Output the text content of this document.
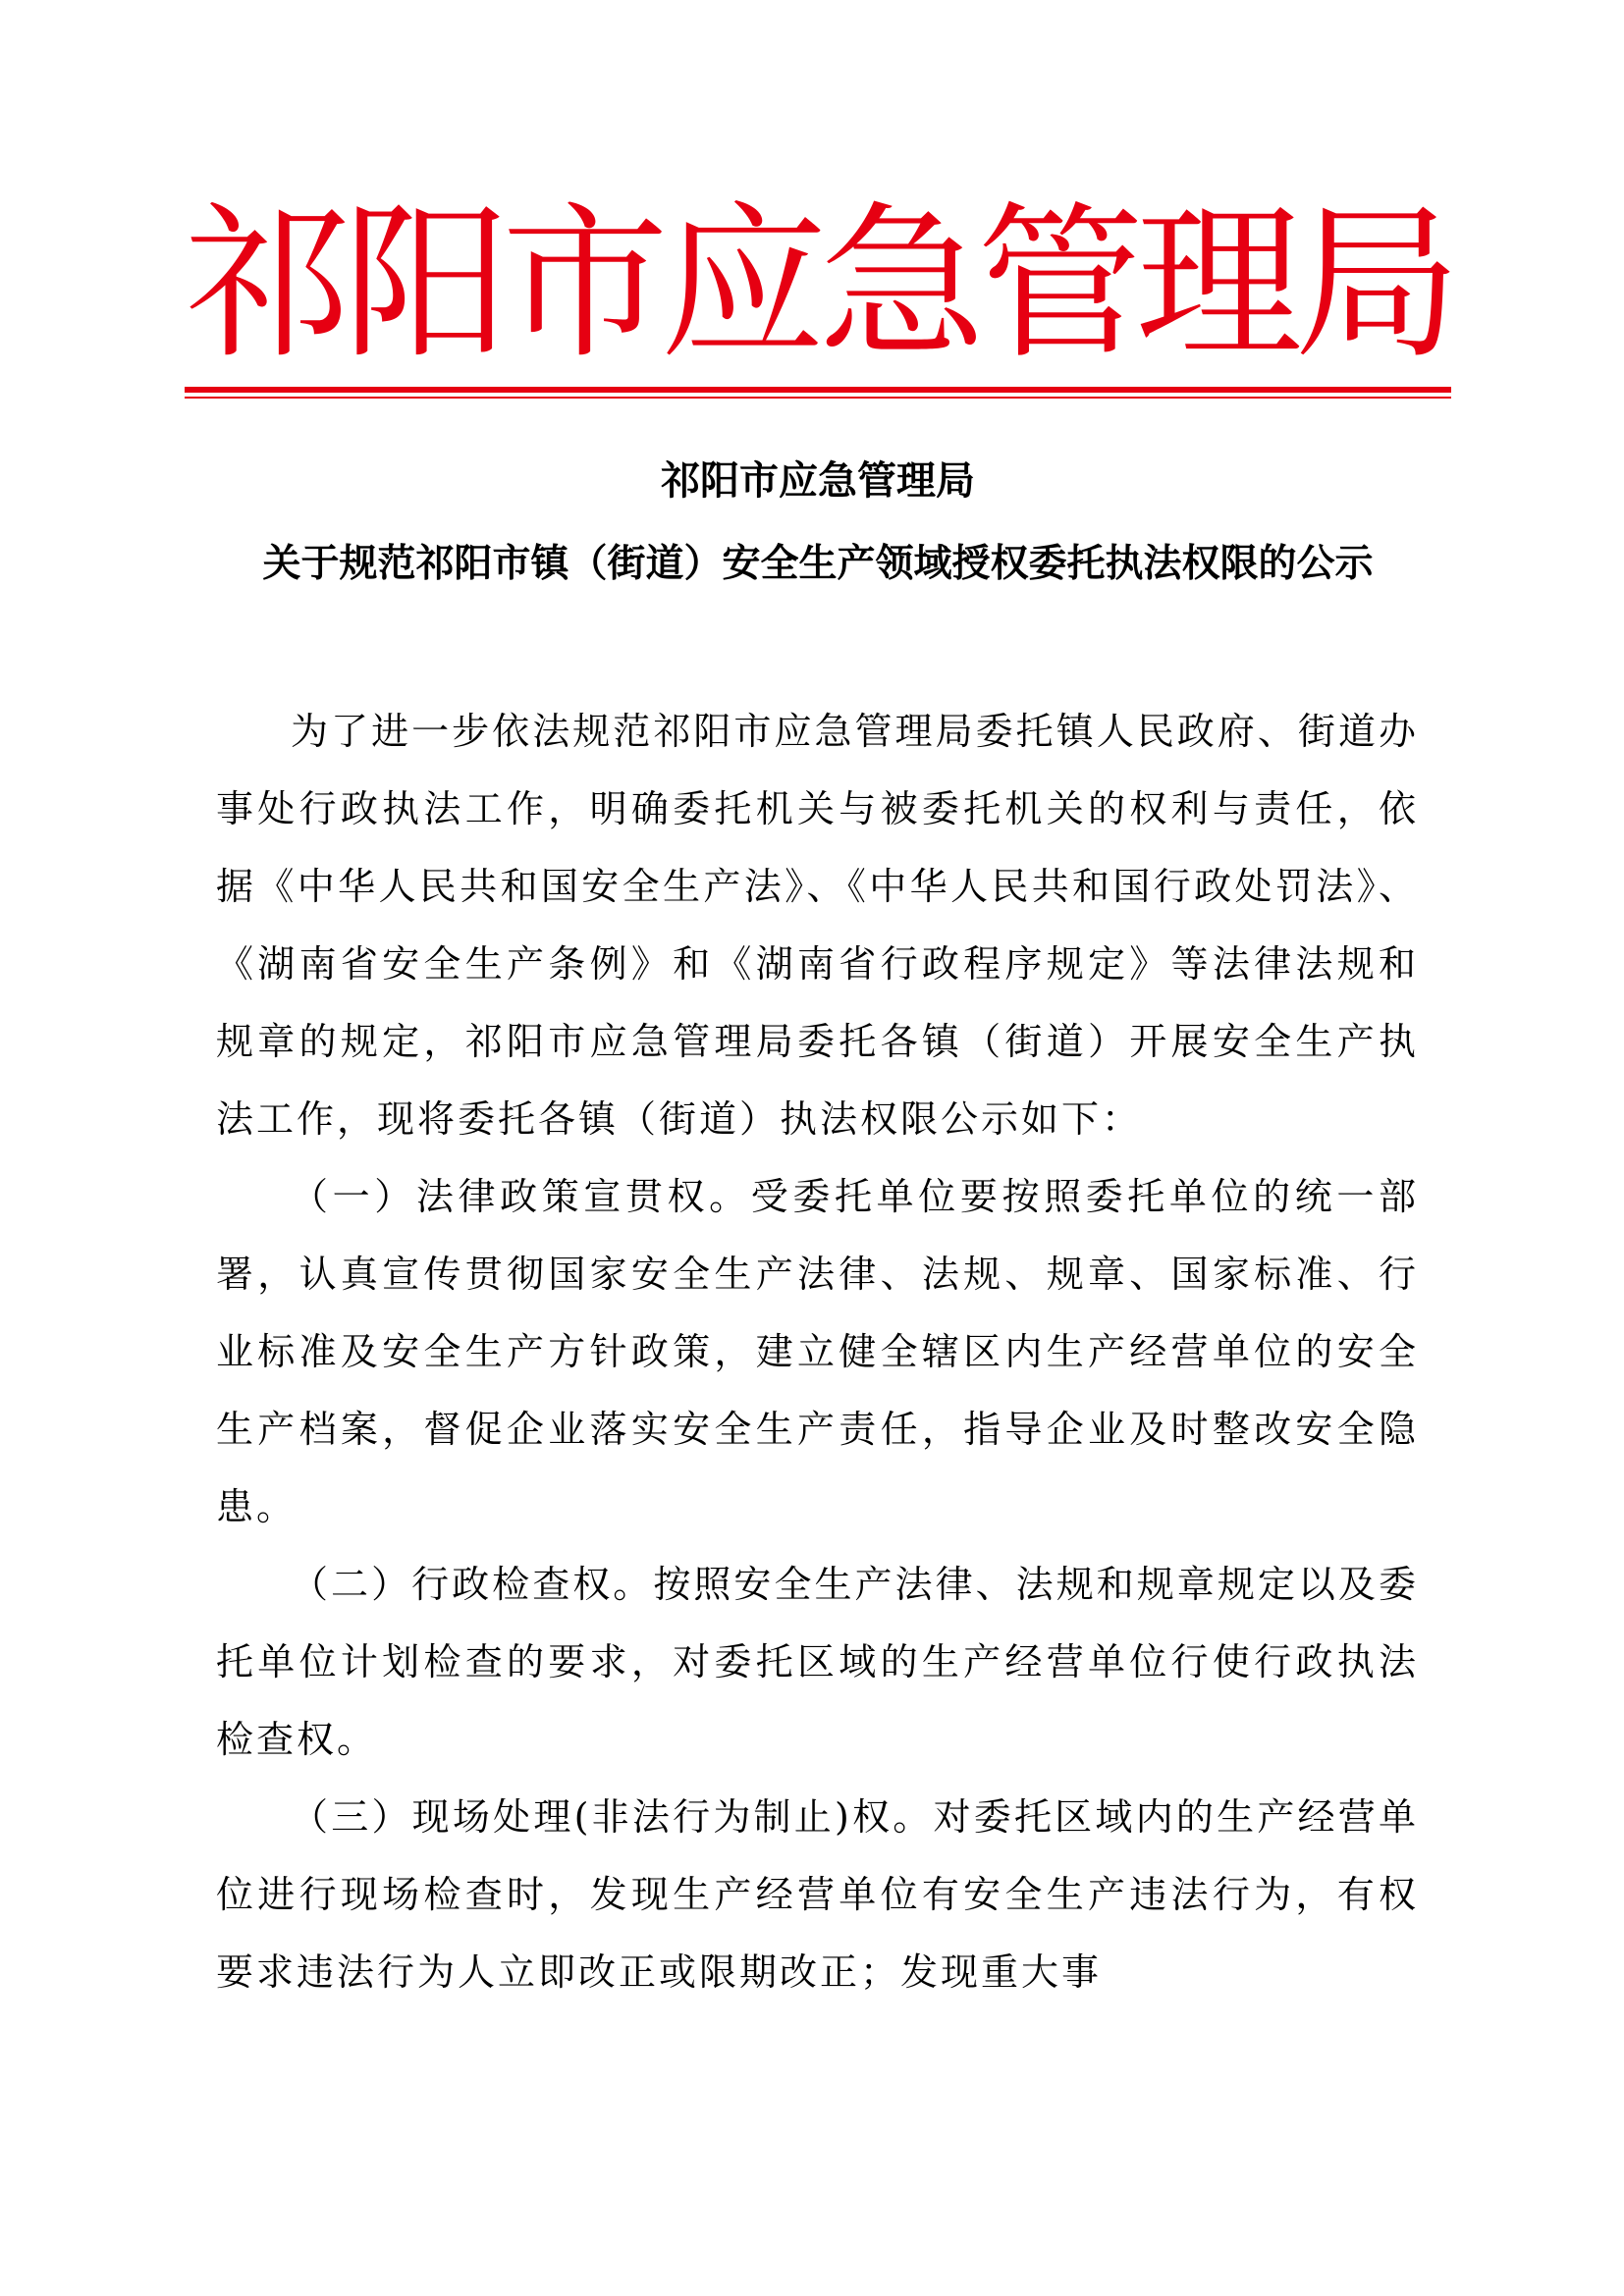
祁
阳
市
应
急
管
理
局
祁阳市应急管理局
关于规范祁阳市镇（街道）安全生产领域授权委托执法权限的公示

为了进一步依法规范祁阳市应急管理局委托镇人民政府、街道办事处行政执法工作，明确委托机关与被委托机关的权利与责任，依据《中华人民共和国安全生产法》、《中华人民共和国行政处罚法》、《湖南省安全生产条例》和《湖南省行政程序规定》等法律法规和规章的规定，祁阳市应急管理局委托各镇（街道）开展安全生产执法工作，现将委托各镇（街道）执法权限公示如下：

（一）法律政策宣贯权。受委托单位要按照委托单位的统一部署，认真宣传贯彻国家安全生产法律、法规、规章、国家标准、行业标准及安全生产方针政策，建立健全辖区内生产经营单位的安全生产档案，督促企业落实安全生产责任，指导企业及时整改安全隐患。

（二）行政检查权。按照安全生产法律、法规和规章规定以及委托单位计划检查的要求，对委托区域的生产经营单位行使行政执法检查权。

（三）现场处理(非法行为制止)权。对委托区域内的生产经营单位进行现场检查时，发现生产经营单位有安全生产违法行为，有权要求违法行为人立即改正或限期改正；发现重大事
